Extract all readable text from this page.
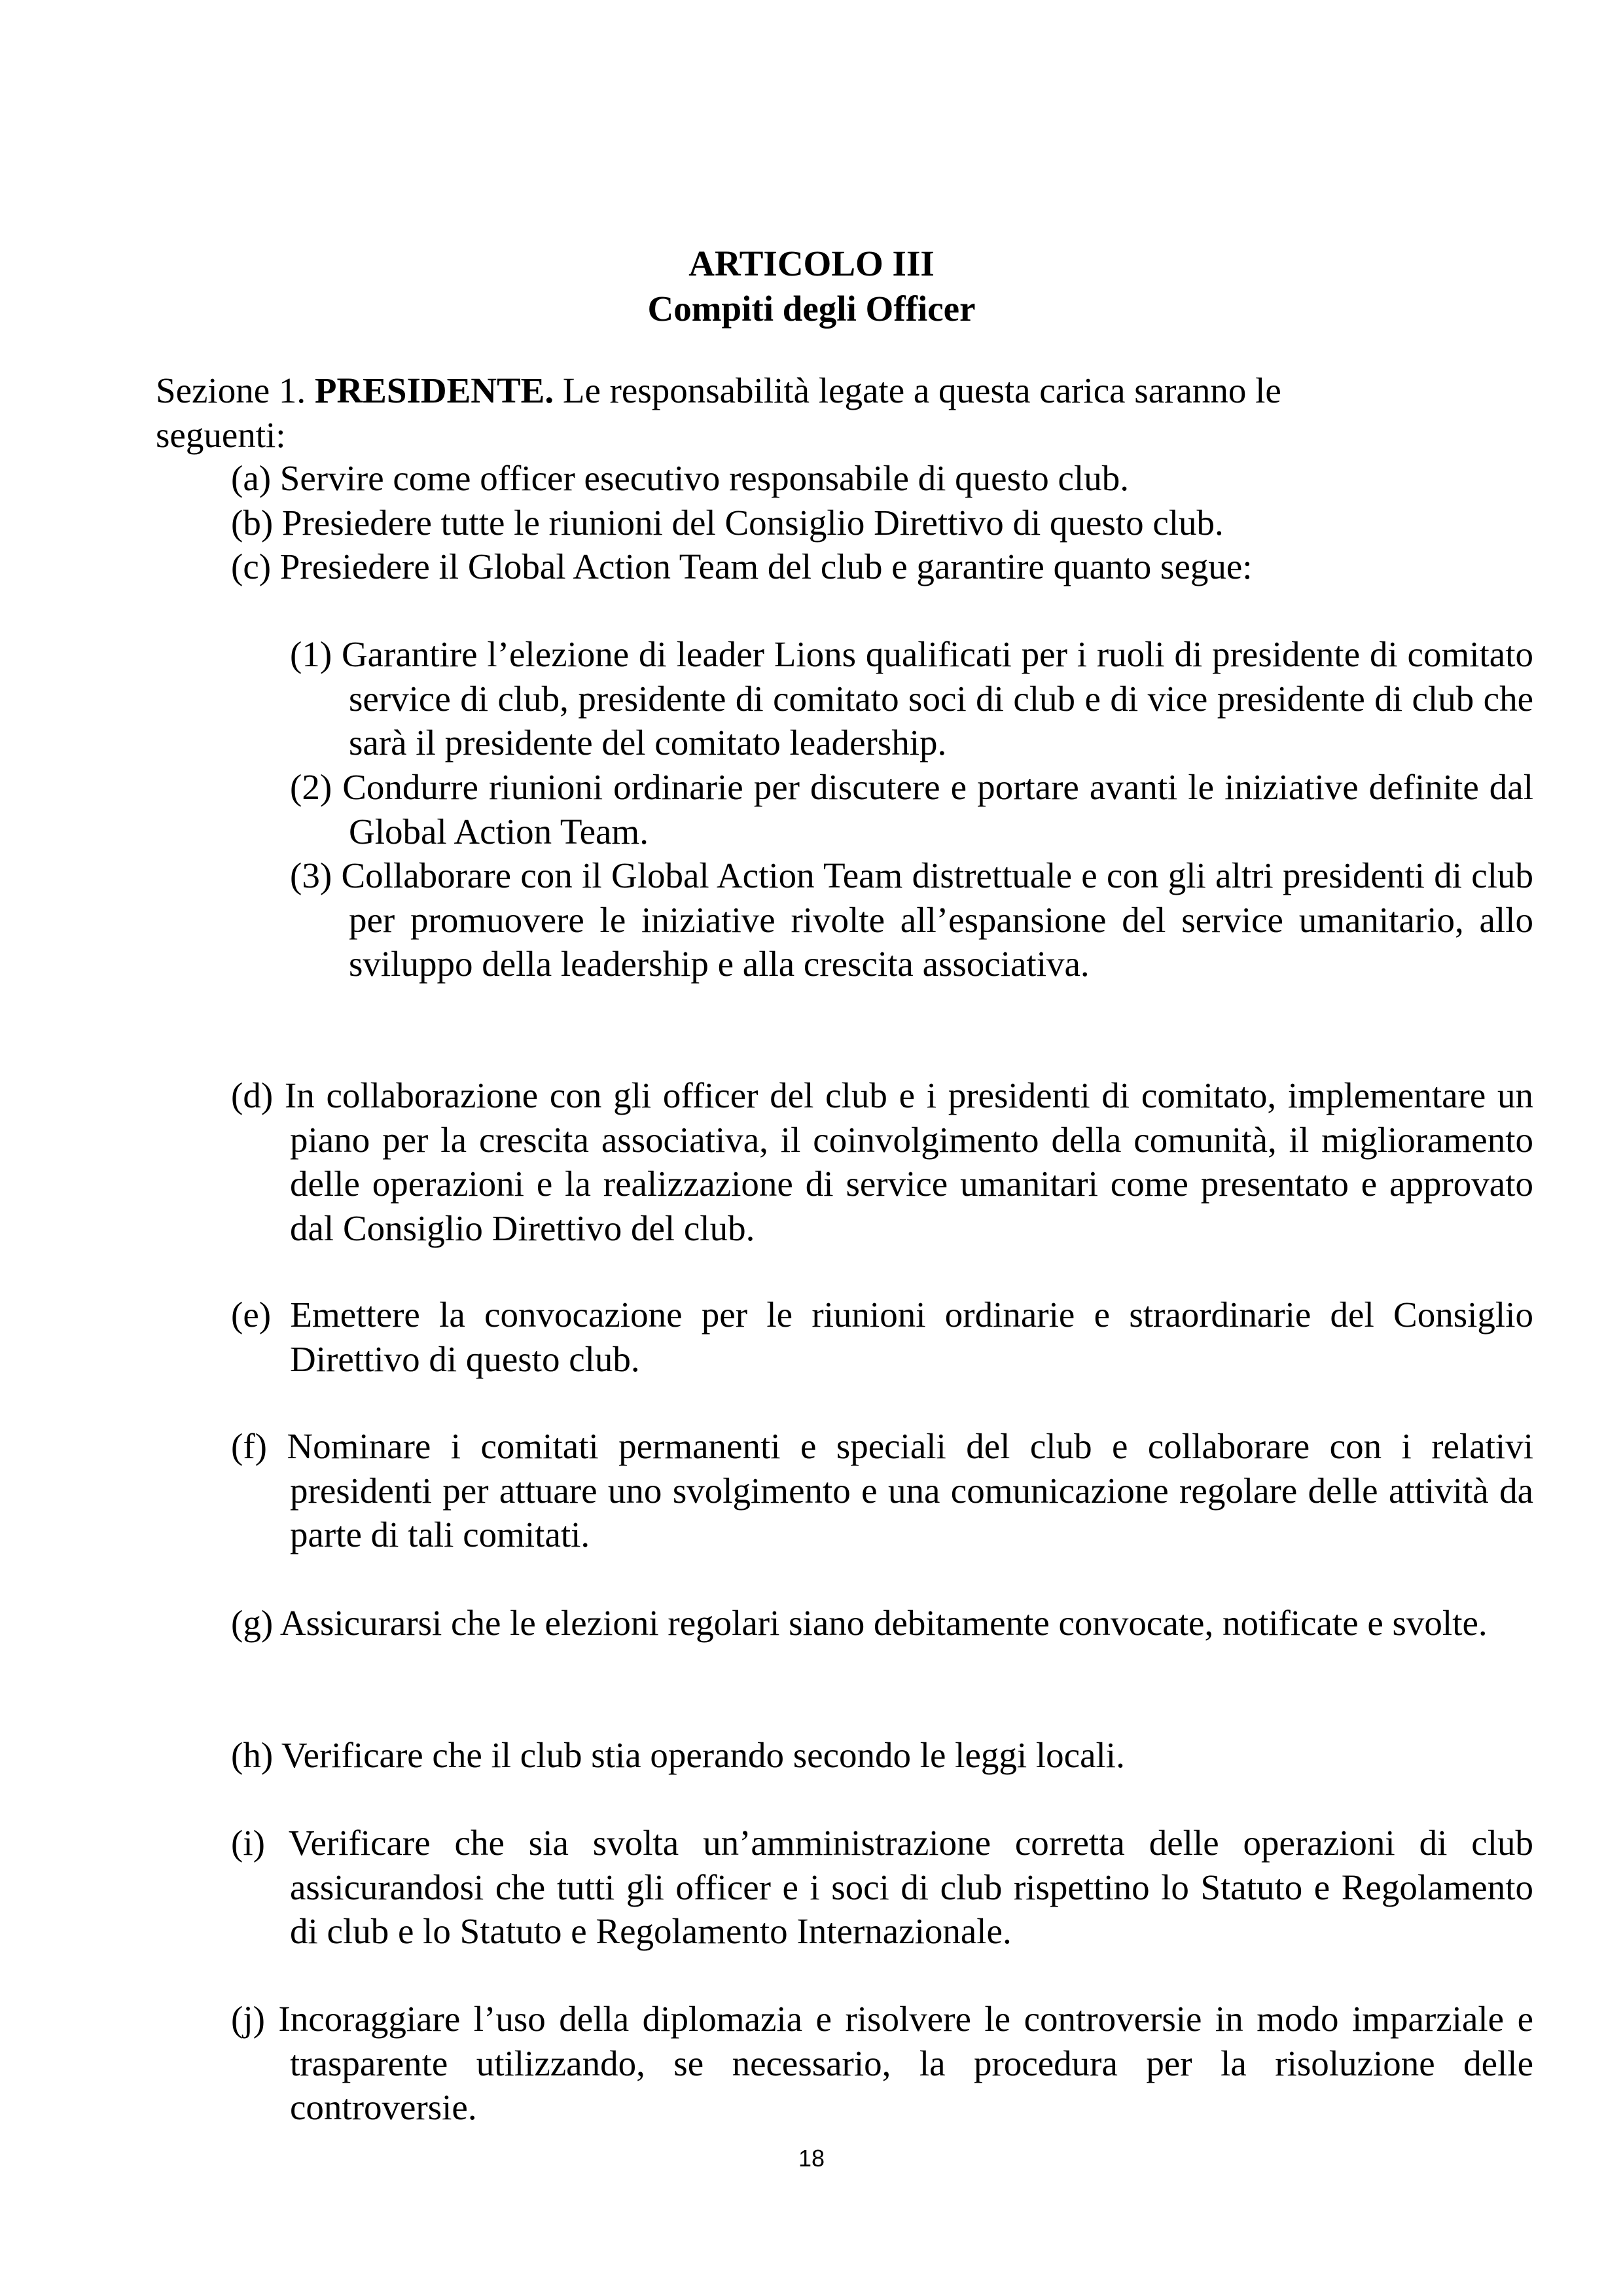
ARTICOLO III
Compiti degli Officer
Sezione 1. PRESIDENTE. Le responsabilità legate a questa carica saranno le seguenti:
(a) Servire come officer esecutivo responsabile di questo club.
(b) Presiedere tutte le riunioni del Consiglio Direttivo di questo club.
(c) Presiedere il Global Action Team del club e garantire quanto segue:
(1) Garantire l’elezione di leader Lions qualificati per i ruoli di presidente di comitato service di club, presidente di comitato soci di club e di vice presidente di club che sarà il presidente del comitato leadership.
(2) Condurre riunioni ordinarie per discutere e portare avanti le iniziative definite dal Global Action Team.
(3) Collaborare con il Global Action Team distrettuale e con gli altri presidenti di club per promuovere le iniziative rivolte all’espansione del service umanitario, allo sviluppo della leadership e alla crescita associativa.
(d) In collaborazione con gli officer del club e i presidenti di comitato, implementare un piano per la crescita associativa, il coinvolgimento della comunità, il miglioramento delle operazioni e la realizzazione di service umanitari come presentato e approvato dal Consiglio Direttivo del club.
(e) Emettere la convocazione per le riunioni ordinarie e straordinarie del Consiglio Direttivo di questo club.
(f) Nominare i comitati permanenti e speciali del club e collaborare con i relativi presidenti per attuare uno svolgimento e una comunicazione regolare delle attività da parte di tali comitati.
(g) Assicurarsi che le elezioni regolari siano debitamente convocate, notificate e svolte.
(h) Verificare che il club stia operando secondo le leggi locali.
(i) Verificare che sia svolta un’amministrazione corretta delle operazioni di club assicurandosi che tutti gli officer e i soci di club rispettino lo Statuto e Regolamento di club e lo Statuto e Regolamento Internazionale.
(j) Incoraggiare l’uso della diplomazia e risolvere le controversie in modo imparziale e trasparente utilizzando, se necessario, la procedura per la risoluzione delle controversie.
18
